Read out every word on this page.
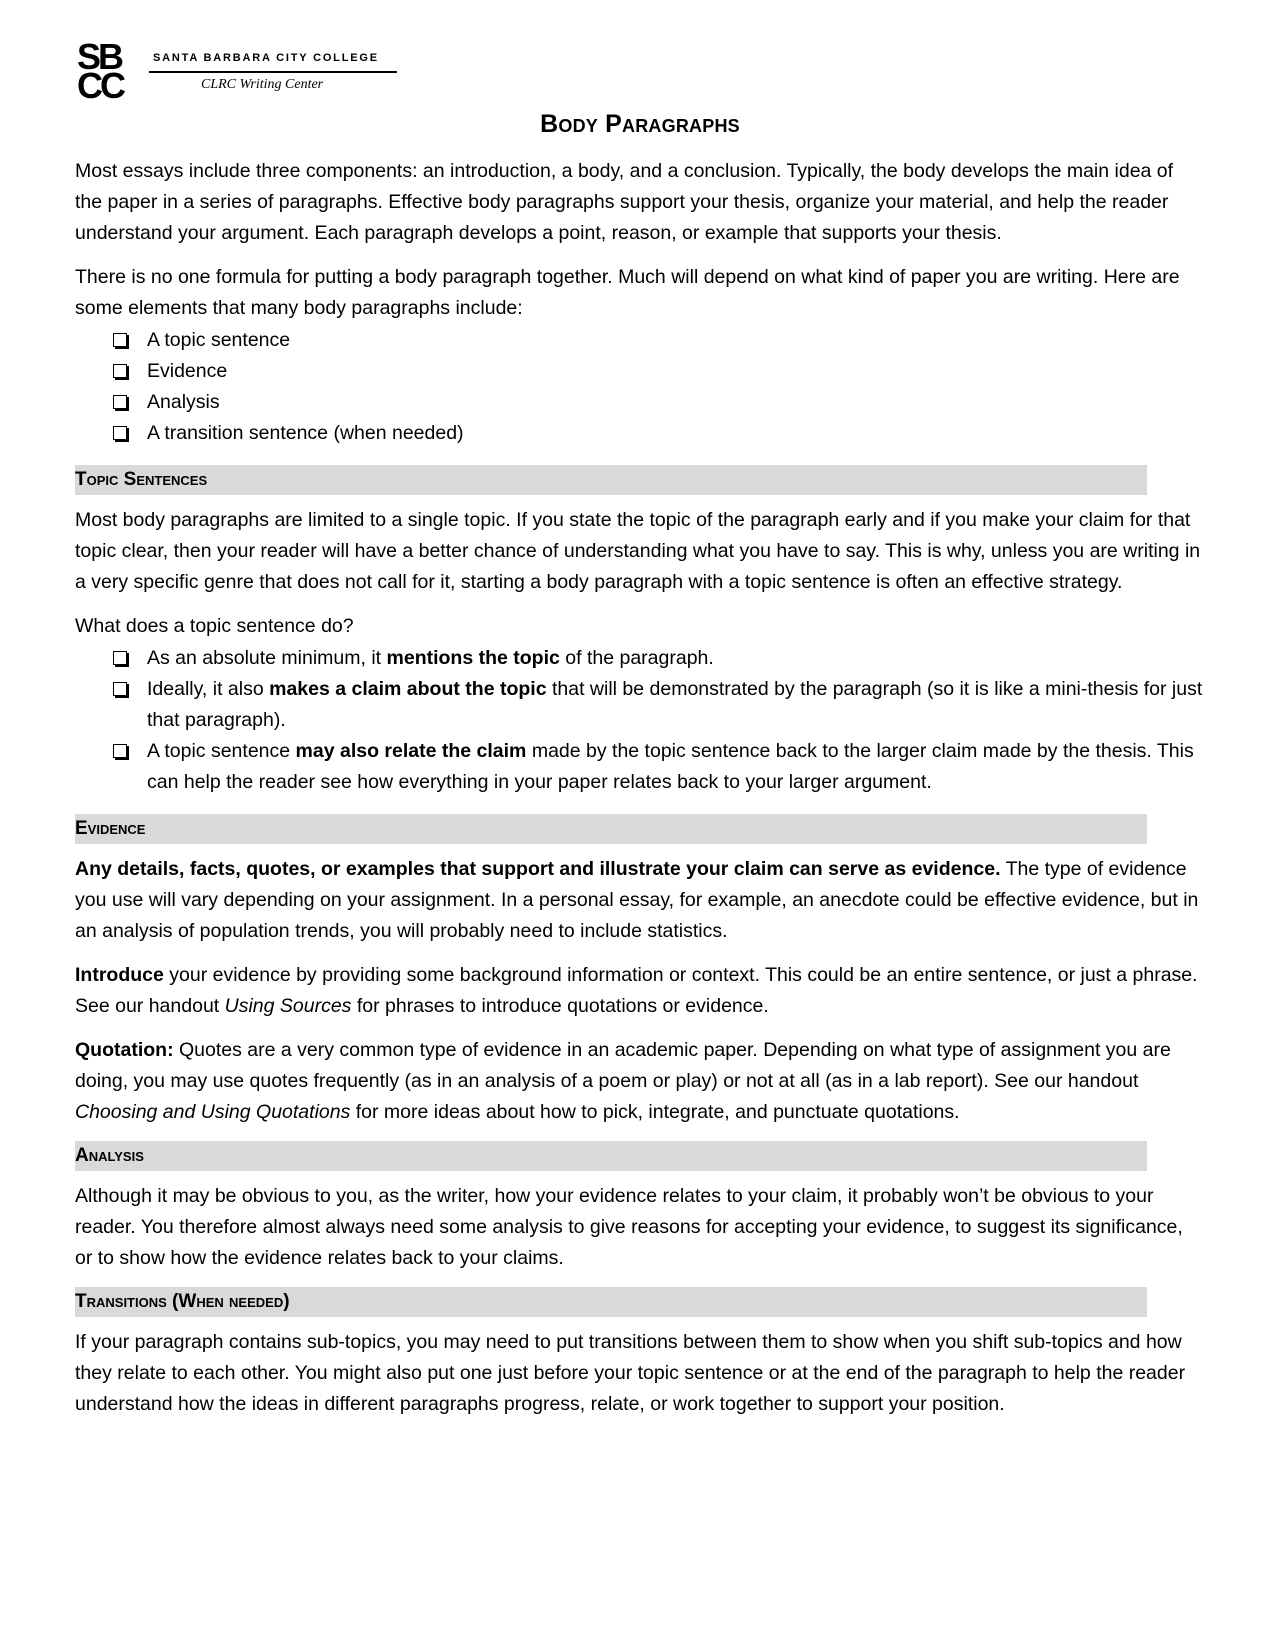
SB
CC
SANTA BARBARA CITY COLLEGE
CLRC Writing Center
Body Paragraphs

Most essays include three components: an introduction, a body, and a conclusion. Typically, the body develops the main idea of the paper in a series of paragraphs. Effective body paragraphs support your thesis, organize your material, and help the reader understand your argument. Each paragraph develops a point, reason, or example that supports your thesis.

There is no one formula for putting a body paragraph together. Much will depend on what kind of paper you are writing. Here are some elements that many body paragraphs include:

A topic sentence
Evidence
Analysis
A transition sentence (when needed)
Topic Sentences

Most body paragraphs are limited to a single topic. If you state the topic of the paragraph early and if you make your claim for that topic clear, then your reader will have a better chance of understanding what you have to say. This is why, unless you are writing in a very specific genre that does not call for it, starting a body paragraph with a topic sentence is often an effective strategy.

What does a topic sentence do?

As an absolute minimum, it mentions the topic of the paragraph.
Ideally, it also makes a claim about the topic that will be demonstrated by the paragraph (so it is like a mini-thesis for just that paragraph).
A topic sentence may also relate the claim made by the topic sentence back to the larger claim made by the thesis. This can help the reader see how everything in your paper relates back to your larger argument.
Evidence

Any details, facts, quotes, or examples that support and illustrate your claim can serve as evidence. The type of evidence you use will vary depending on your assignment. In a personal essay, for example, an anecdote could be effective evidence, but in an analysis of population trends, you will probably need to include statistics.

Introduce your evidence by providing some background information or context. This could be an entire sentence, or just a phrase. See our handout Using Sources for phrases to introduce quotations or evidence.

Quotation: Quotes are a very common type of evidence in an academic paper. Depending on what type of assignment you are doing, you may use quotes frequently (as in an analysis of a poem or play) or not at all (as in a lab report). See our handout Choosing and Using Quotations for more ideas about how to pick, integrate, and punctuate quotations.

Analysis

Although it may be obvious to you, as the writer, how your evidence relates to your claim, it probably won’t be obvious to your reader. You therefore almost always need some analysis to give reasons for accepting your evidence, to suggest its significance, or to show how the evidence relates back to your claims.

Transitions (When needed)

If your paragraph contains sub-topics, you may need to put transitions between them to show when you shift sub-topics and how they relate to each other. You might also put one just before your topic sentence or at the end of the paragraph to help the reader understand how the ideas in different paragraphs progress, relate, or work together to support your position.
